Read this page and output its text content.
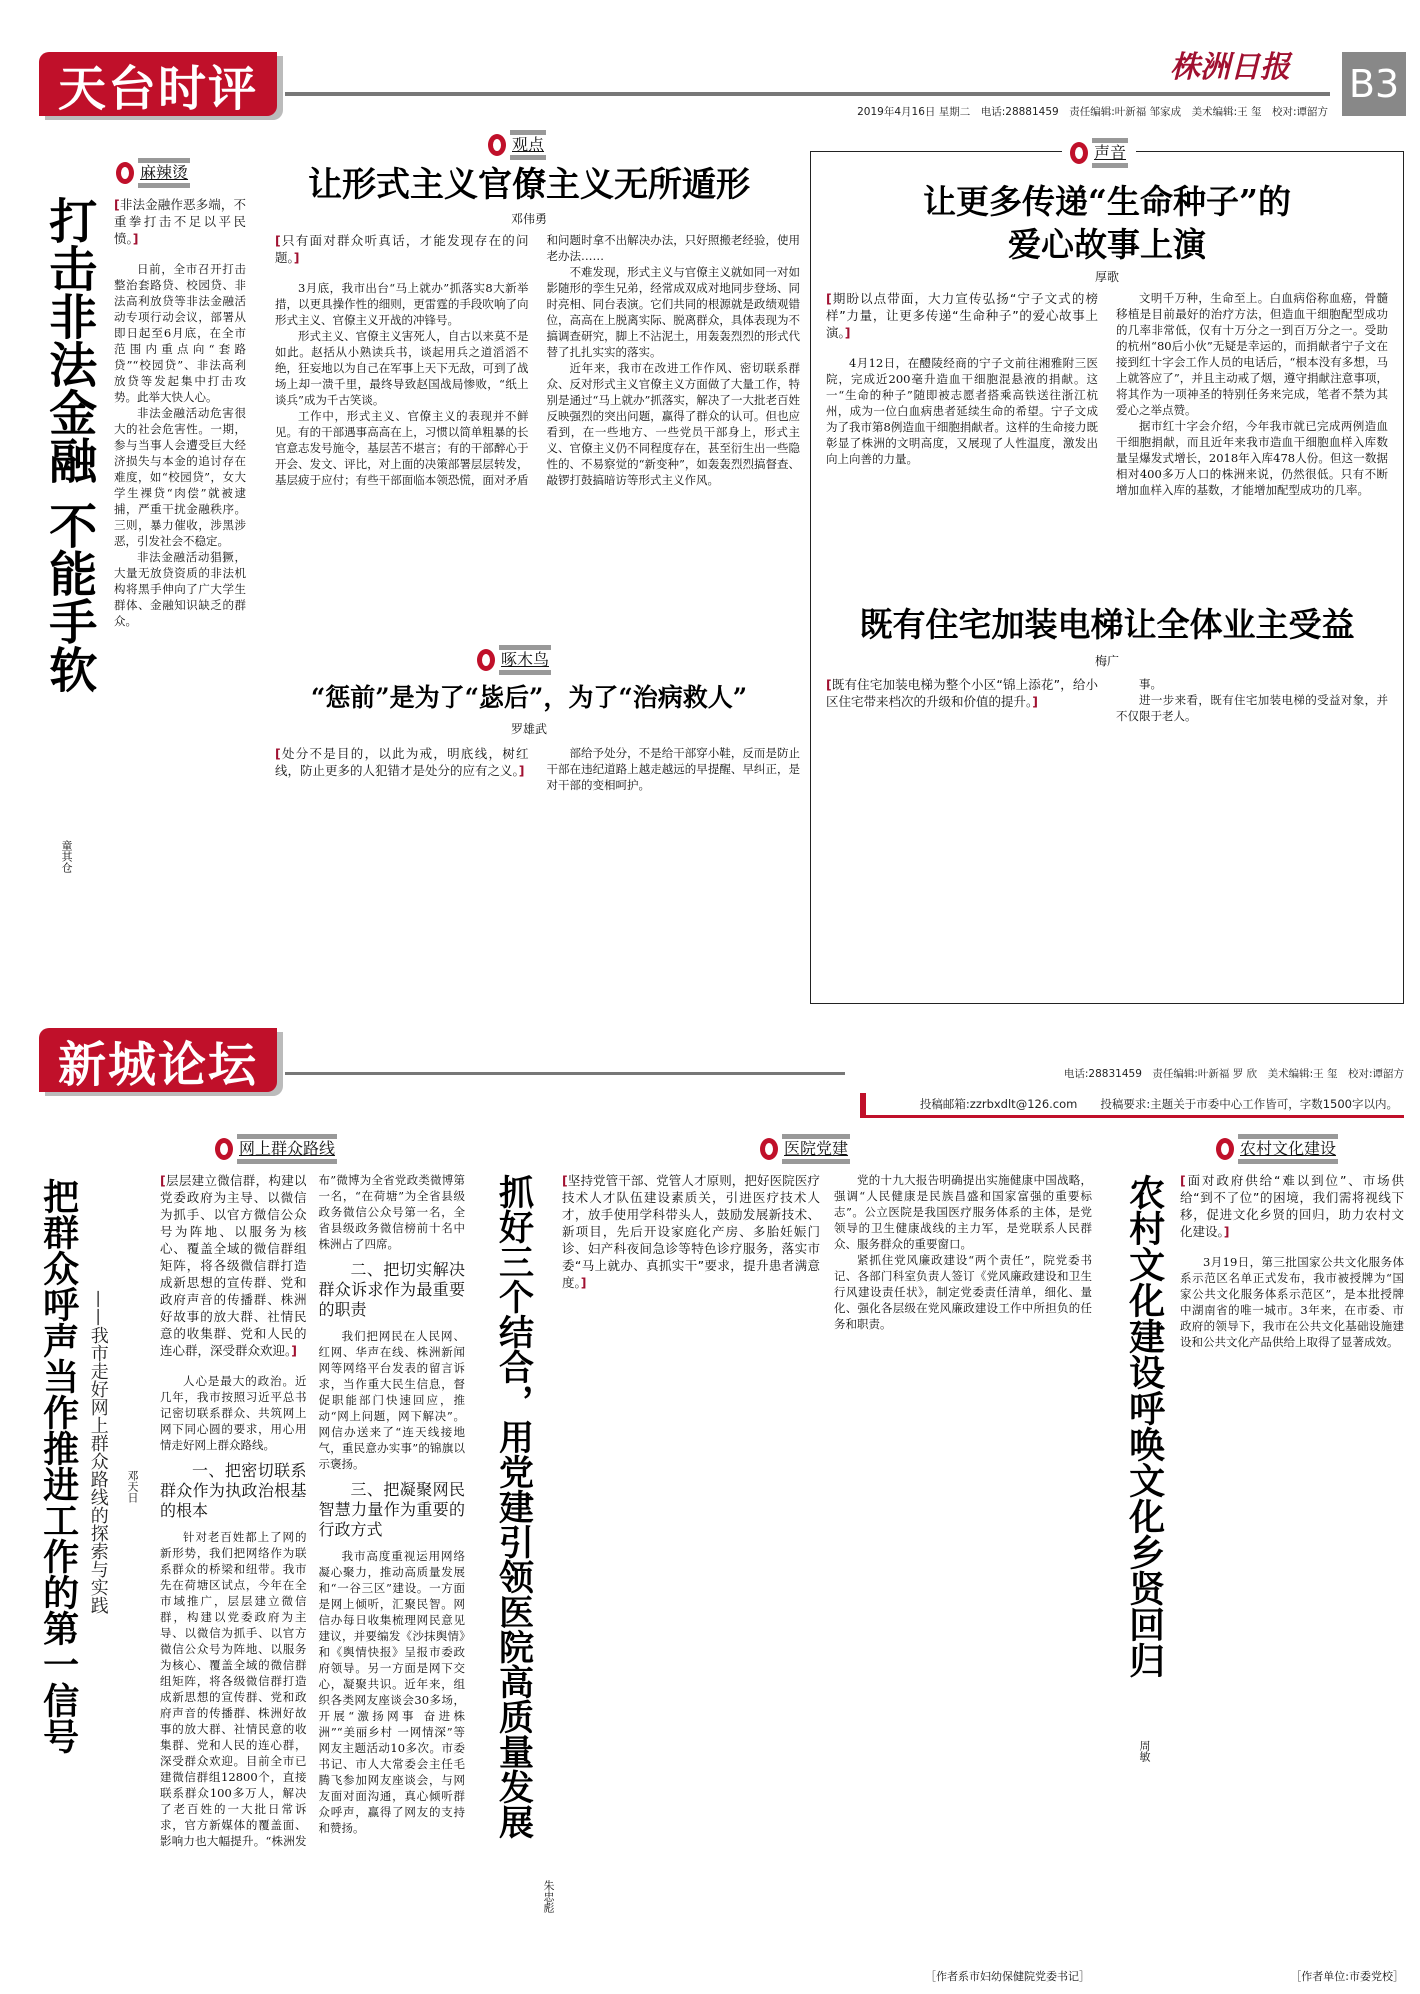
天台时评	株洲日报 B3
2019年4月16日 星期二　电话:28881459　责任编辑:叶新福 邹家成　美术编辑:王 玺　校对:谭韶方
麻辣烫
打击非法金融 不能手软
童其仓
[非法金融作恶多端，不重拳打击不足以平民愤。]

日前，全市召开打击整治套路贷、校园贷、非法高利放贷等非法金融活动专项行动会议，部署从即日起至6月底，在全市范围内重点向“套路贷”“校园贷”、非法高利放贷等发起集中打击攻势。此举大快人心。

非法金融活动危害很大的社会危害性。一期，参与当事人会遭受巨大经济损失与本金的追讨存在难度，如“校园贷”，女大学生裸贷“肉偿”就被逮捕，严重干扰金融秩序。三则，暴力催收，涉黑涉恶，引发社会不稳定。

非法金融活动猖獗，大量无放贷资质的非法机构将黑手伸向了广大学生群体、金融知识缺乏的群众。

观点
让形式主义官僚主义无所遁形
邓伟勇
[只有面对群众听真话，才能发现存在的问题。]

3月底，我市出台“马上就办”抓落实8大新举措，以更具操作性的细则，更雷霆的手段吹响了向形式主义、官僚主义开战的冲锋号。

形式主义、官僚主义害死人，自古以来莫不是如此。赵括从小熟读兵书，谈起用兵之道滔滔不绝，狂妄地以为自己在军事上天下无敌，可到了战场上却一溃千里，最终导致赵国战局惨败，“纸上谈兵”成为千古笑谈。

工作中，形式主义、官僚主义的表现并不鲜见。有的干部遇事高高在上，习惯以简单粗暴的长官意志发号施令，基层苦不堪言；有的干部醉心于开会、发文、评比，对上面的决策部署层层转发，基层疲于应付；有些干部面临本领恐慌，面对矛盾和问题时拿不出解决办法，只好照搬老经验，使用老办法……

不难发现，形式主义与官僚主义就如同一对如影随形的孪生兄弟，经常成双成对地同步登场、同时亮相、同台表演。它们共同的根源就是政绩观错位，高高在上脱离实际、脱离群众，具体表现为不搞调查研究，脚上不沾泥土，用轰轰烈烈的形式代替了扎扎实实的落实。

近年来，我市在改进工作作风、密切联系群众、反对形式主义官僚主义方面做了大量工作，特别是通过“马上就办”抓落实，解决了一大批老百姓反映强烈的突出问题，赢得了群众的认可。但也应看到，在一些地方、一些党员干部身上，形式主义、官僚主义仍不同程度存在，甚至衍生出一些隐性的、不易察觉的“新变种”，如轰轰烈烈搞督查、敲锣打鼓搞暗访等形式主义作风。

啄木鸟
“惩前”是为了“毖后”，为了“治病救人”
罗雄武
[处分不是目的，以此为戒，明底线，树红线，防止更多的人犯错才是处分的应有之义。]

部给予处分，不是给干部穿小鞋，反而是防止干部在违纪道路上越走越远的早提醒、早纠正，是对干部的变相呵护。

声音
让更多传递“生命种子”的
爱心故事上演
厚歌
[期盼以点带面，大力宣传弘扬“宁子文式的榜样”力量，让更多传递“生命种子”的爱心故事上演。]

4月12日，在醴陵经商的宁子文前往湘雅附三医院，完成近200毫升造血干细胞混悬液的捐献。这一“生命的种子”随即被志愿者搭乘高铁送往浙江杭州，成为一位白血病患者延续生命的希望。宁子文成为了我市第8例造血干细胞捐献者。这样的生命接力既彰显了株洲的文明高度，又展现了人性温度，激发出向上向善的力量。

文明千万种，生命至上。白血病俗称血癌，骨髓移植是目前最好的治疗方法，但造血干细胞配型成功的几率非常低，仅有十万分之一到百万分之一。受助的杭州“80后小伙”无疑是幸运的，而捐献者宁子文在接到红十字会工作人员的电话后，“根本没有多想，马上就答应了”，并且主动戒了烟，遵守捐献注意事项，将其作为一项神圣的特别任务来完成，笔者不禁为其爱心之举点赞。

据市红十字会介绍，今年我市就已完成两例造血干细胞捐献，而且近年来我市造血干细胞血样入库数量呈爆发式增长，2018年入库478人份。但这一数据相对400多万人口的株洲来说，仍然很低。只有不断增加血样入库的基数，才能增加配型成功的几率。

既有住宅加装电梯让全体业主受益
梅广
[既有住宅加装电梯为整个小区“锦上添花”，给小区住宅带来档次的升级和价值的提升。]

事。

进一步来看，既有住宅加装电梯的受益对象，并不仅限于老人。

新城论坛	电话:28831459　责任编辑:叶新福 罗 欣　美术编辑:王 玺　校对:谭韶方
投稿邮箱:zzrbxdlt@126.com　　投稿要求:主题关于市委中心工作皆可，字数1500字以内。
网上群众路线
把群众呼声当作推进工作的第一信号 ——我市走好网上群众路线的探索与实践 邓天日
[层层建立微信群，构建以党委政府为主导、以微信为抓手、以官方微信公众号为阵地、以服务为核心、覆盖全域的微信群组矩阵，将各级微信群打造成新思想的宣传群、党和政府声音的传播群、株洲好故事的放大群、社情民意的收集群、党和人民的连心群，深受群众欢迎。]

人心是最大的政治。近几年，我市按照习近平总书记密切联系群众、共筑网上网下同心圆的要求，用心用情走好网上群众路线。

一、把密切联系群众作为执政治根基的根本

针对老百姓都上了网的新形势，我们把网络作为联系群众的桥梁和纽带。我市先在荷塘区试点，今年在全市域推广，层层建立微信群，构建以党委政府为主导、以微信为抓手、以官方微信公众号为阵地、以服务为核心、覆盖全域的微信群组矩阵，将各级微信群打造成新思想的宣传群、党和政府声音的传播群、株洲好故事的放大群、社情民意的收集群、党和人民的连心群，深受群众欢迎。目前全市已建微信群组12800个，直接联系群众100多万人，解决了老百姓的一大批日常诉求，官方新媒体的覆盖面、影响力也大幅提升。“株洲发布”微博为全省党政类微博第一名，“在荷塘”为全省县级政务微信公众号第一名，全省县级政务微信榜前十名中株洲占了四席。

二、把切实解决群众诉求作为最重要的职责

我们把网民在人民网、红网、华声在线、株洲新闻网等网络平台发表的留言诉求，当作重大民生信息，督促职能部门快速回应，推动“网上问题，网下解决”。网信办送来了“连天线接地气，重民意办实事”的锦旗以示褒扬。

三、把凝聚网民智慧力量作为重要的行政方式

我市高度重视运用网络凝心聚力，推动高质量发展和“一谷三区”建设。一方面是网上倾听，汇聚民智。网信办每日收集梳理网民意见建议，并要编发《沙抹舆情》和《舆情快报》呈报市委政府领导。另一方面是网下交心，凝聚共识。近年来，组织各类网友座谈会30多场，开展“激扬网事 奋进株洲”“美丽乡村 一网情深”等网友主题活动10多次。市委书记、市人大常委会主任毛腾飞参加网友座谈会，与网友面对面沟通，真心倾听群众呼声，赢得了网友的支持和赞扬。

医院党建
抓好三个结合，用党建引领医院高质量发展
朱忠彪
[坚持党管干部、党管人才原则，把好医院医疗技术人才队伍建设素质关，引进医疗技术人才，放手使用学科带头人，鼓励发展新技术、新项目，先后开设家庭化产房、多胎妊娠门诊、妇产科夜间急诊等特色诊疗服务，落实市委“马上就办、真抓实干”要求，提升患者满意度。]

党的十九大报告明确提出实施健康中国战略，强调“人民健康是民族昌盛和国家富强的重要标志”。公立医院是我国医疗服务体系的主体，是党领导的卫生健康战线的主力军，是党联系人民群众、服务群众的重要窗口。

紧抓住党风廉政建设“两个责任”，院党委书记、各部门科室负责人签订《党风廉政建设和卫生行风建设责任状》，制定党委责任清单，细化、量化、强化各层级在党风廉政建设工作中所担负的任务和职责。

［作者系市妇幼保健院党委书记］
农村文化建设
农村文化建设呼唤文化乡贤回归
周敏
[面对政府供给“难以到位”、市场供给“到不了位”的困境，我们需将视线下移，促进文化乡贤的回归，助力农村文化建设。]

3月19日，第三批国家公共文化服务体系示范区名单正式发布，我市被授牌为“国家公共文化服务体系示范区”，是本批授牌中湖南省的唯一城市。3年来，在市委、市政府的领导下，我市在公共文化基础设施建设和公共文化产品供给上取得了显著成效。

［作者单位:市委党校］
